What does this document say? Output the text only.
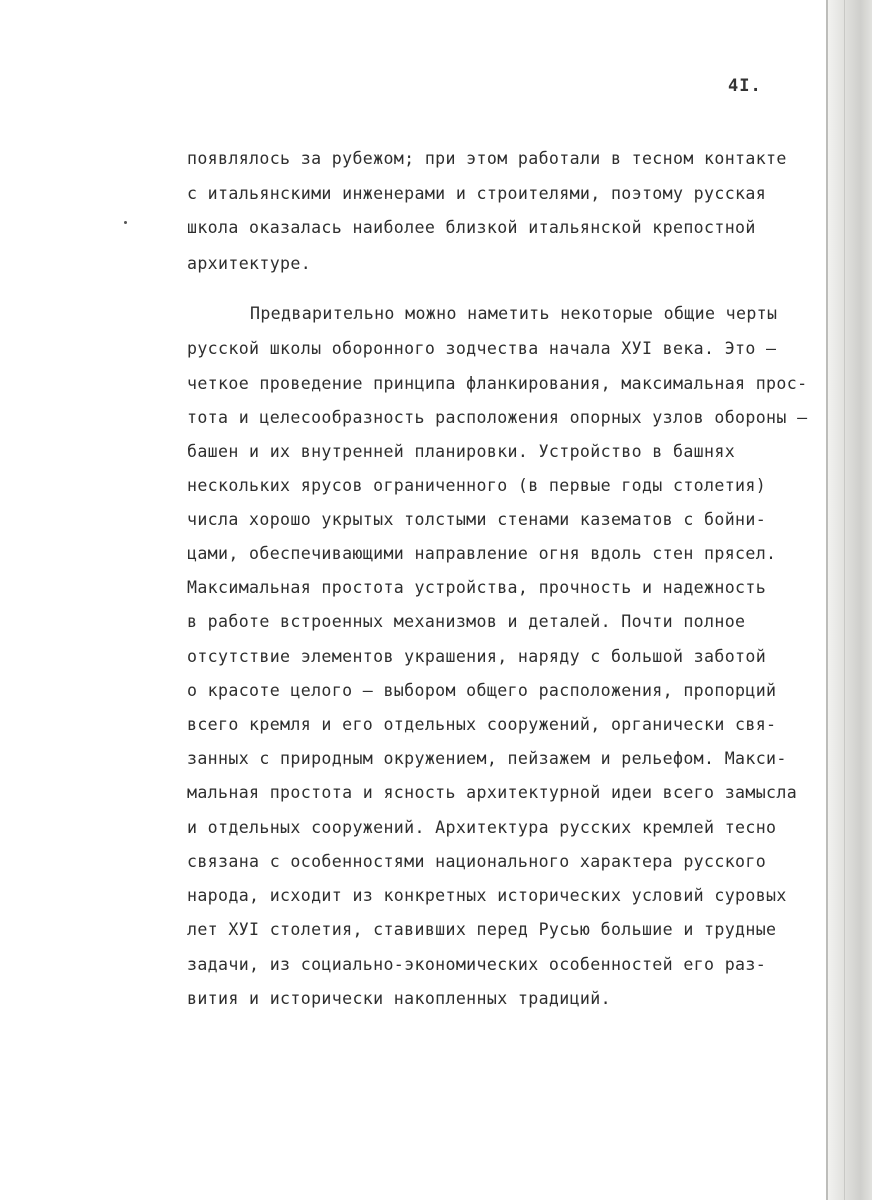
4I.
появлялось за рубежом; при этом работали в тесном контакте
с итальянскими инженерами и строителями, поэтому русская
школа оказалась наиболее близкой итальянской крепостной
архитектуре.
Предварительно можно наметить некоторые общие черты
русской школы оборонного зодчества начала ХУI века. Это –
четкое проведение принципа фланкирования, максимальная прос-
тота и целесообразность расположения опорных узлов обороны –
башен и их внутренней планировки. Устройство в башнях
нескольких ярусов ограниченного (в первые годы столетия)
числа хорошо укрытых толстыми стенами казематов с бойни-
цами, обеспечивающими направление огня вдоль стен прясел.
Максимальная простота устройства, прочность и надежность
в работе встроенных механизмов и деталей. Почти полное
отсутствие элементов украшения, наряду с большой заботой
о красоте целого – выбором общего расположения, пропорций
всего кремля и его отдельных сооружений, органически свя-
занных с природным окружением, пейзажем и рельефом. Макси-
мальная простота и ясность архитектурной идеи всего замысла
и отдельных сооружений. Архитектура русских кремлей тесно
связана с особенностями национального характера русского
народа, исходит из конкретных исторических условий суровых
лет ХУI столетия, ставивших перед Русью большие и трудные
задачи, из социально-экономических особенностей его раз-
вития и исторически накопленных традиций.
